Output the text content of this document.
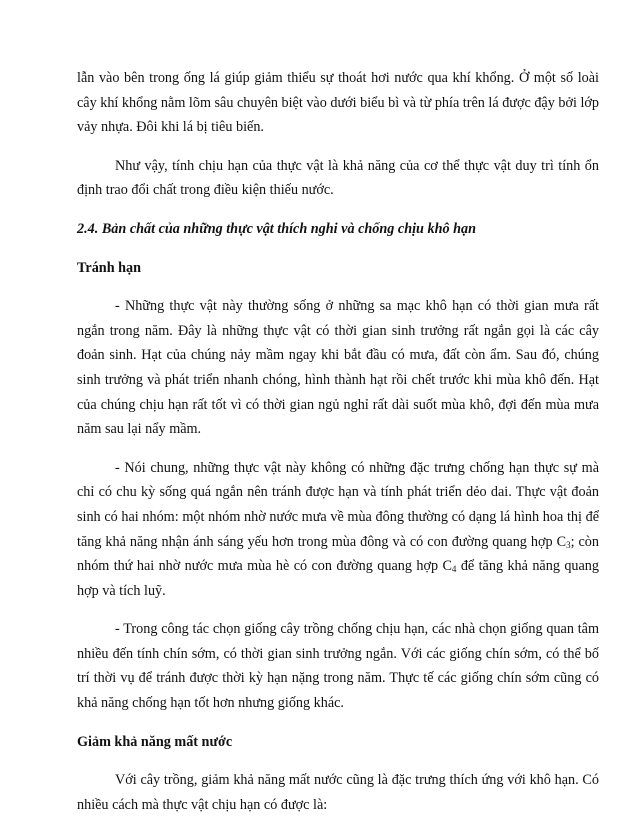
lẫn vào bên trong ống lá giúp giảm thiểu sự thoát hơi nước qua khí khổng. Ở một số loài cây khí khổng nằm lõm sâu chuyên biệt vào dưới biểu bì và từ phía trên lá được đậy bởi lớp vảy nhựa. Đôi khi lá bị tiêu biến.

Như vậy, tính chịu hạn của thực vật là khả năng của cơ thể thực vật duy trì tính ổn định trao đổi chất trong điều kiện thiếu nước.

2.4. Bản chất của những thực vật thích nghi và chống chịu khô hạn

Tránh hạn

- Những thực vật này thường sống ở những sa mạc khô hạn có thời gian mưa rất ngắn trong năm. Đây là những thực vật có thời gian sinh trưởng rất ngắn gọi là các cây đoản sinh. Hạt của chúng nảy mầm ngay khi bắt đầu có mưa, đất còn ẩm. Sau đó, chúng sinh trưởng và phát triển nhanh chóng, hình thành hạt rồi chết trước khi mùa khô đến. Hạt của chúng chịu hạn rất tốt vì có thời gian ngủ nghỉ rất dài suốt mùa khô, đợi đến mùa mưa năm sau lại nẩy mầm.

- Nói chung, những thực vật này không có những đặc trưng chống hạn thực sự mà chỉ có chu kỳ sống quá ngắn nên tránh được hạn và tính phát triển dẻo dai. Thực vật đoản sinh có hai nhóm: một nhóm nhờ nước mưa về mùa đông thường có dạng lá hình hoa thị để tăng khả năng nhận ánh sáng yếu hơn trong mùa đông và có con đường quang hợp $C_3$; còn nhóm thứ hai nhờ nước mưa mùa hè có con đường quang hợp $C_4$ để tăng khả năng quang hợp và tích luỹ.

- Trong công tác chọn giống cây trồng chống chịu hạn, các nhà chọn giống quan tâm nhiều đến tính chín sớm, có thời gian sinh trưởng ngắn. Với các giống chín sớm, có thể bố trí thời vụ để tránh được thời kỳ hạn nặng trong năm. Thực tế các giống chín sớm cũng có khả năng chống hạn tốt hơn nhưng giống khác.

Giảm khả năng mất nước

Với cây trồng, giảm khả năng mất nước cũng là đặc trưng thích ứng với khô hạn. Có nhiều cách mà thực vật chịu hạn có được là:
